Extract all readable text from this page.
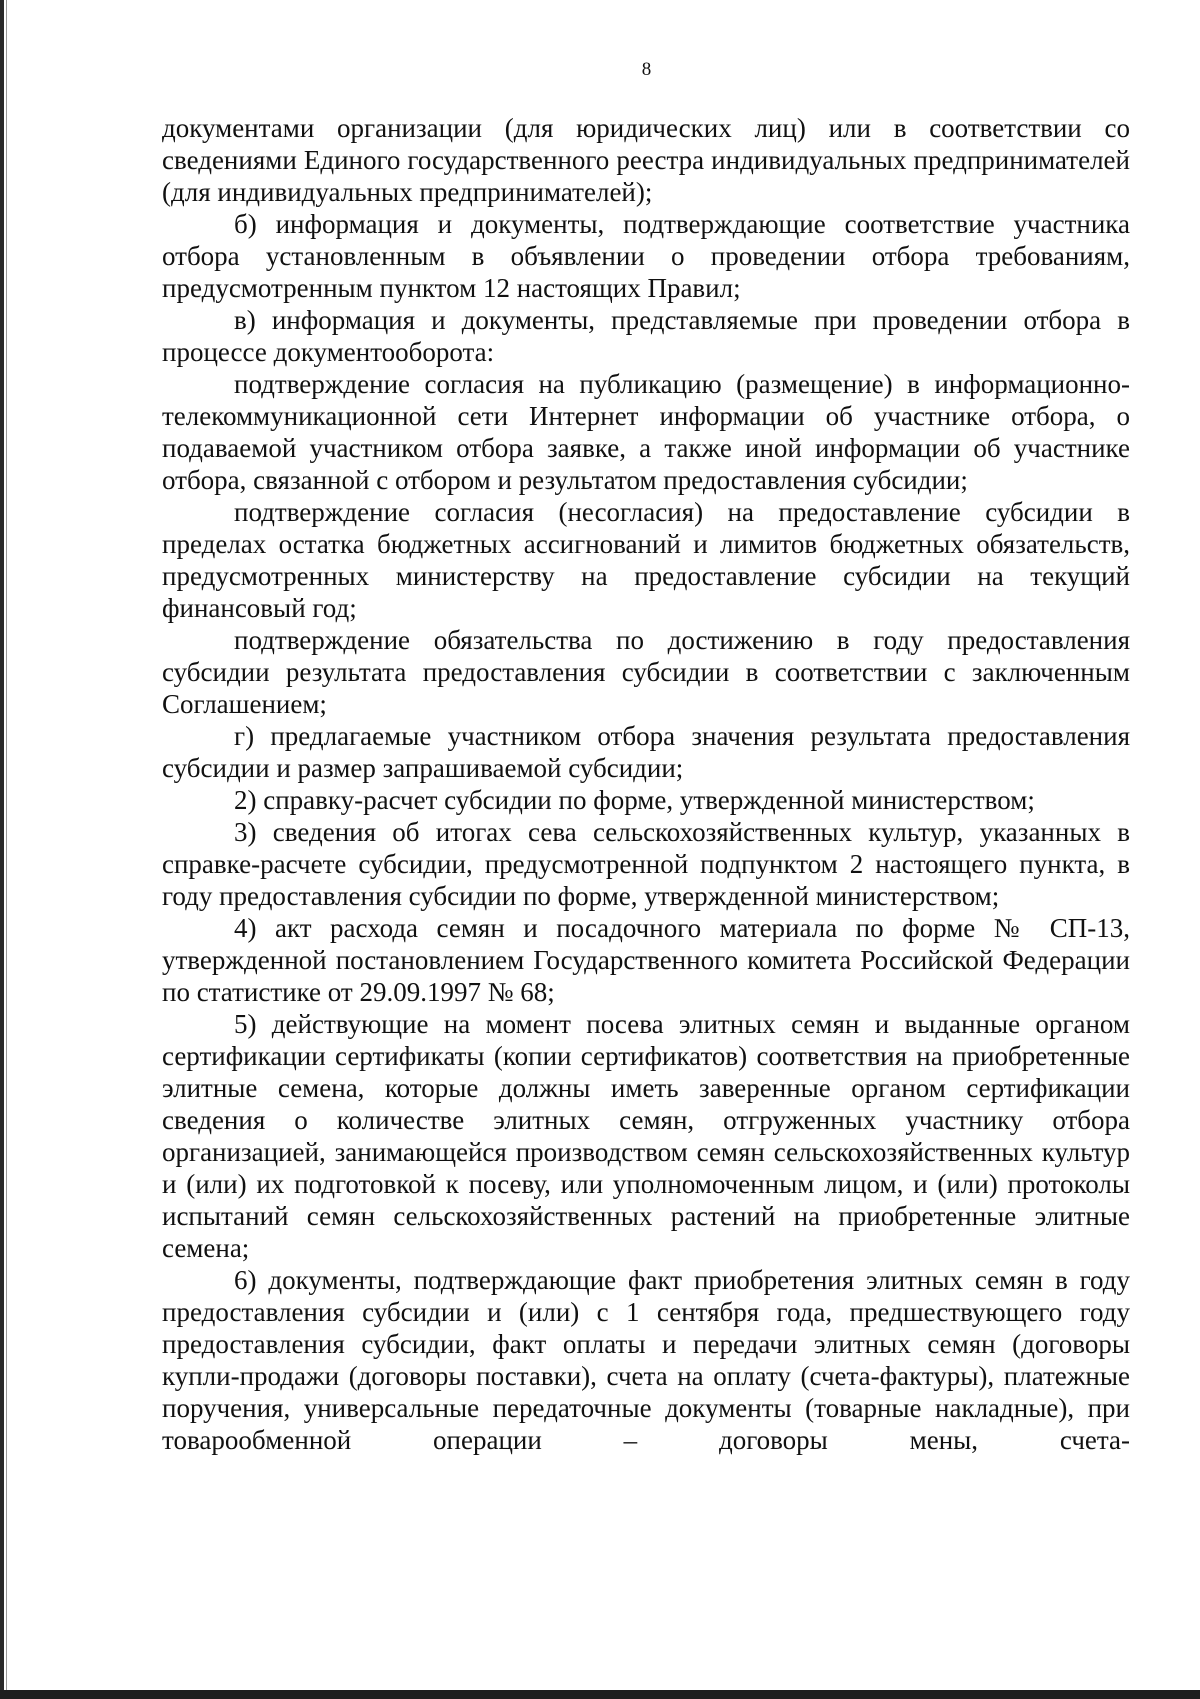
8

документами организации (для юридических лиц) или в соответствии со сведениями Единого государственного реестра индивидуальных предпринимателей (для индивидуальных предпринимателей);

б) информация и документы, подтверждающие соответствие участника отбора установленным в объявлении о проведении отбора требованиям, предусмотренным пунктом 12 настоящих Правил;

в) информация и документы, представляемые при проведении отбора в процессе документооборота:

подтверждение согласия на публикацию (размещение) в информационно-телекоммуникационной сети Интернет информации об участнике отбора, о подаваемой участником отбора заявке, а также иной информации об участнике отбора, связанной с отбором и результатом предоставления субсидии;

подтверждение согласия (несогласия) на предоставление субсидии в пределах остатка бюджетных ассигнований и лимитов бюджетных обязательств, предусмотренных министерству на предоставление субсидии на текущий финансовый год;

подтверждение обязательства по достижению в году предоставления субсидии результата предоставления субсидии в соответствии с заключенным Соглашением;

г) предлагаемые участником отбора значения результата предоставления субсидии и размер запрашиваемой субсидии;

2) справку-расчет субсидии по форме, утвержденной министерством;

3) сведения об итогах сева сельскохозяйственных культур, указанных в справке-расчете субсидии, предусмотренной подпунктом 2 настоящего пункта, в году предоставления субсидии по форме, утвержденной министерством;

4) акт расхода семян и посадочного материала по форме № СП-13, утвержденной постановлением Государственного комитета Российской Федерации по статистике от 29.09.1997 № 68;

5) действующие на момент посева элитных семян и выданные органом сертификации сертификаты (копии сертификатов) соответствия на приобретенные элитные семена, которые должны иметь заверенные органом сертификации сведения о количестве элитных семян, отгруженных участнику отбора организацией, занимающейся производством семян сельскохозяйственных культур и (или) их подготовкой к посеву, или уполномоченным лицом, и (или) протоколы испытаний семян сельскохозяйственных растений на приобретенные элитные семена;

6) документы, подтверждающие факт приобретения элитных семян в году предоставления субсидии и (или) с 1 сентября года, предшествующего году предоставления субсидии, факт оплаты и передачи элитных семян (договоры купли-продажи (договоры поставки), счета на оплату (счета-фактуры), платежные поручения, универсальные передаточные документы (товарные накладные), при товарообменной операции – договоры мены, счета-
